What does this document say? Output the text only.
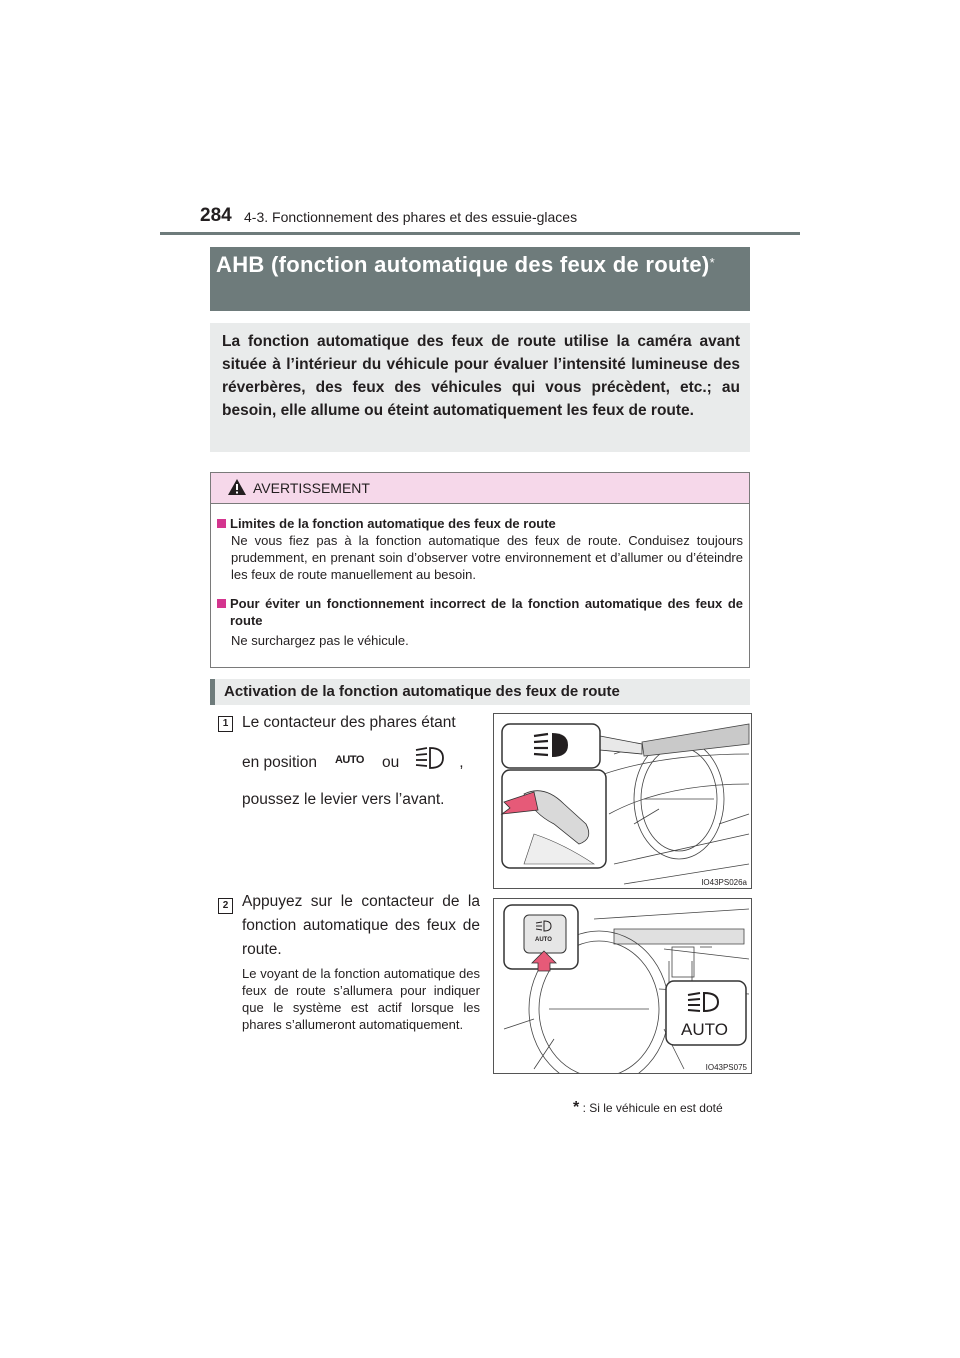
284 4-3. Fonctionnement des phares et des essuie-glaces
AHB (fonction automatique des feux de route)*
La fonction automatique des feux de route utilise la caméra avant située à l’intérieur du véhicule pour évaluer l’intensité lumineuse des réverbères, des feux des véhicules qui vous précèdent, etc.; au besoin, elle allume ou éteint automatiquement les feux de route.
AVERTISSEMENT
Limites de la fonction automatique des feux de route
Ne vous fiez pas à la fonction automatique des feux de route. Conduisez toujours prudemment, en prenant soin d’observer votre environnement et d’allumer ou d’éteindre les feux de route manuellement au besoin.
Pour éviter un fonctionnement incorrect de la fonction automatique des feux de route
Ne surchargez pas le véhicule.
Activation de la fonction automatique des feux de route
1 Le contacteur des phares étant
en position AUTO ou	,
poussez le levier vers l’avant.
IO43PS026a
2 Appuyez sur le contacteur de la fonction automatique des feux de route.
Le voyant de la fonction automatique des feux de route s’allumera pour indiquer que le système est actif lorsque les phares s’allumeront automatiquement.
AUTO
AUTO
IO43PS075
* : Si le véhicule en est doté
